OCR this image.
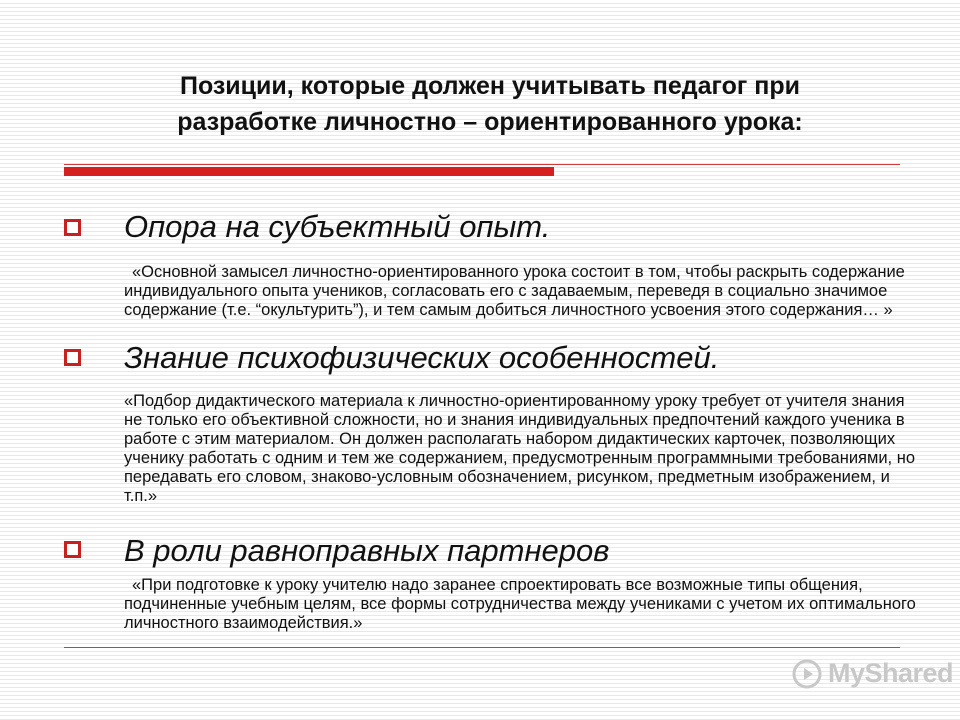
Позиции, которые должен учитывать педагог при
разработке личностно – ориентированного урока:
Опора на субъектный опыт.

«Основной замысел личностно-ориентированного урока состоит в том, чтобы раскрыть содержание индивидуального опыта учеников, согласовать его с задаваемым, переведя в социально значимое содержание (т.е. “окультурить”), и тем самым добиться личностного усвоения этого содержания… »

Знание психофизических особенностей.

«Подбор дидактического материала к личностно-ориентированному уроку требует от учителя знания не только его объективной сложности, но и знания индивидуальных предпочтений каждого ученика в работе с этим материалом. Он должен располагать набором дидактических карточек, позволяющих ученику работать с одним и тем же содержанием, предусмотренным программными требованиями, но передавать его словом, знаково-условным обозначением, рисунком, предметным изображением, и т.п.»

В роли равноправных партнеров

«При подготовке к уроку учителю надо заранее спроектировать все возможные типы общения, подчиненные учебным целям, все формы сотрудничества между учениками с учетом их оптимального личностного взаимодействия.»

MyShared
